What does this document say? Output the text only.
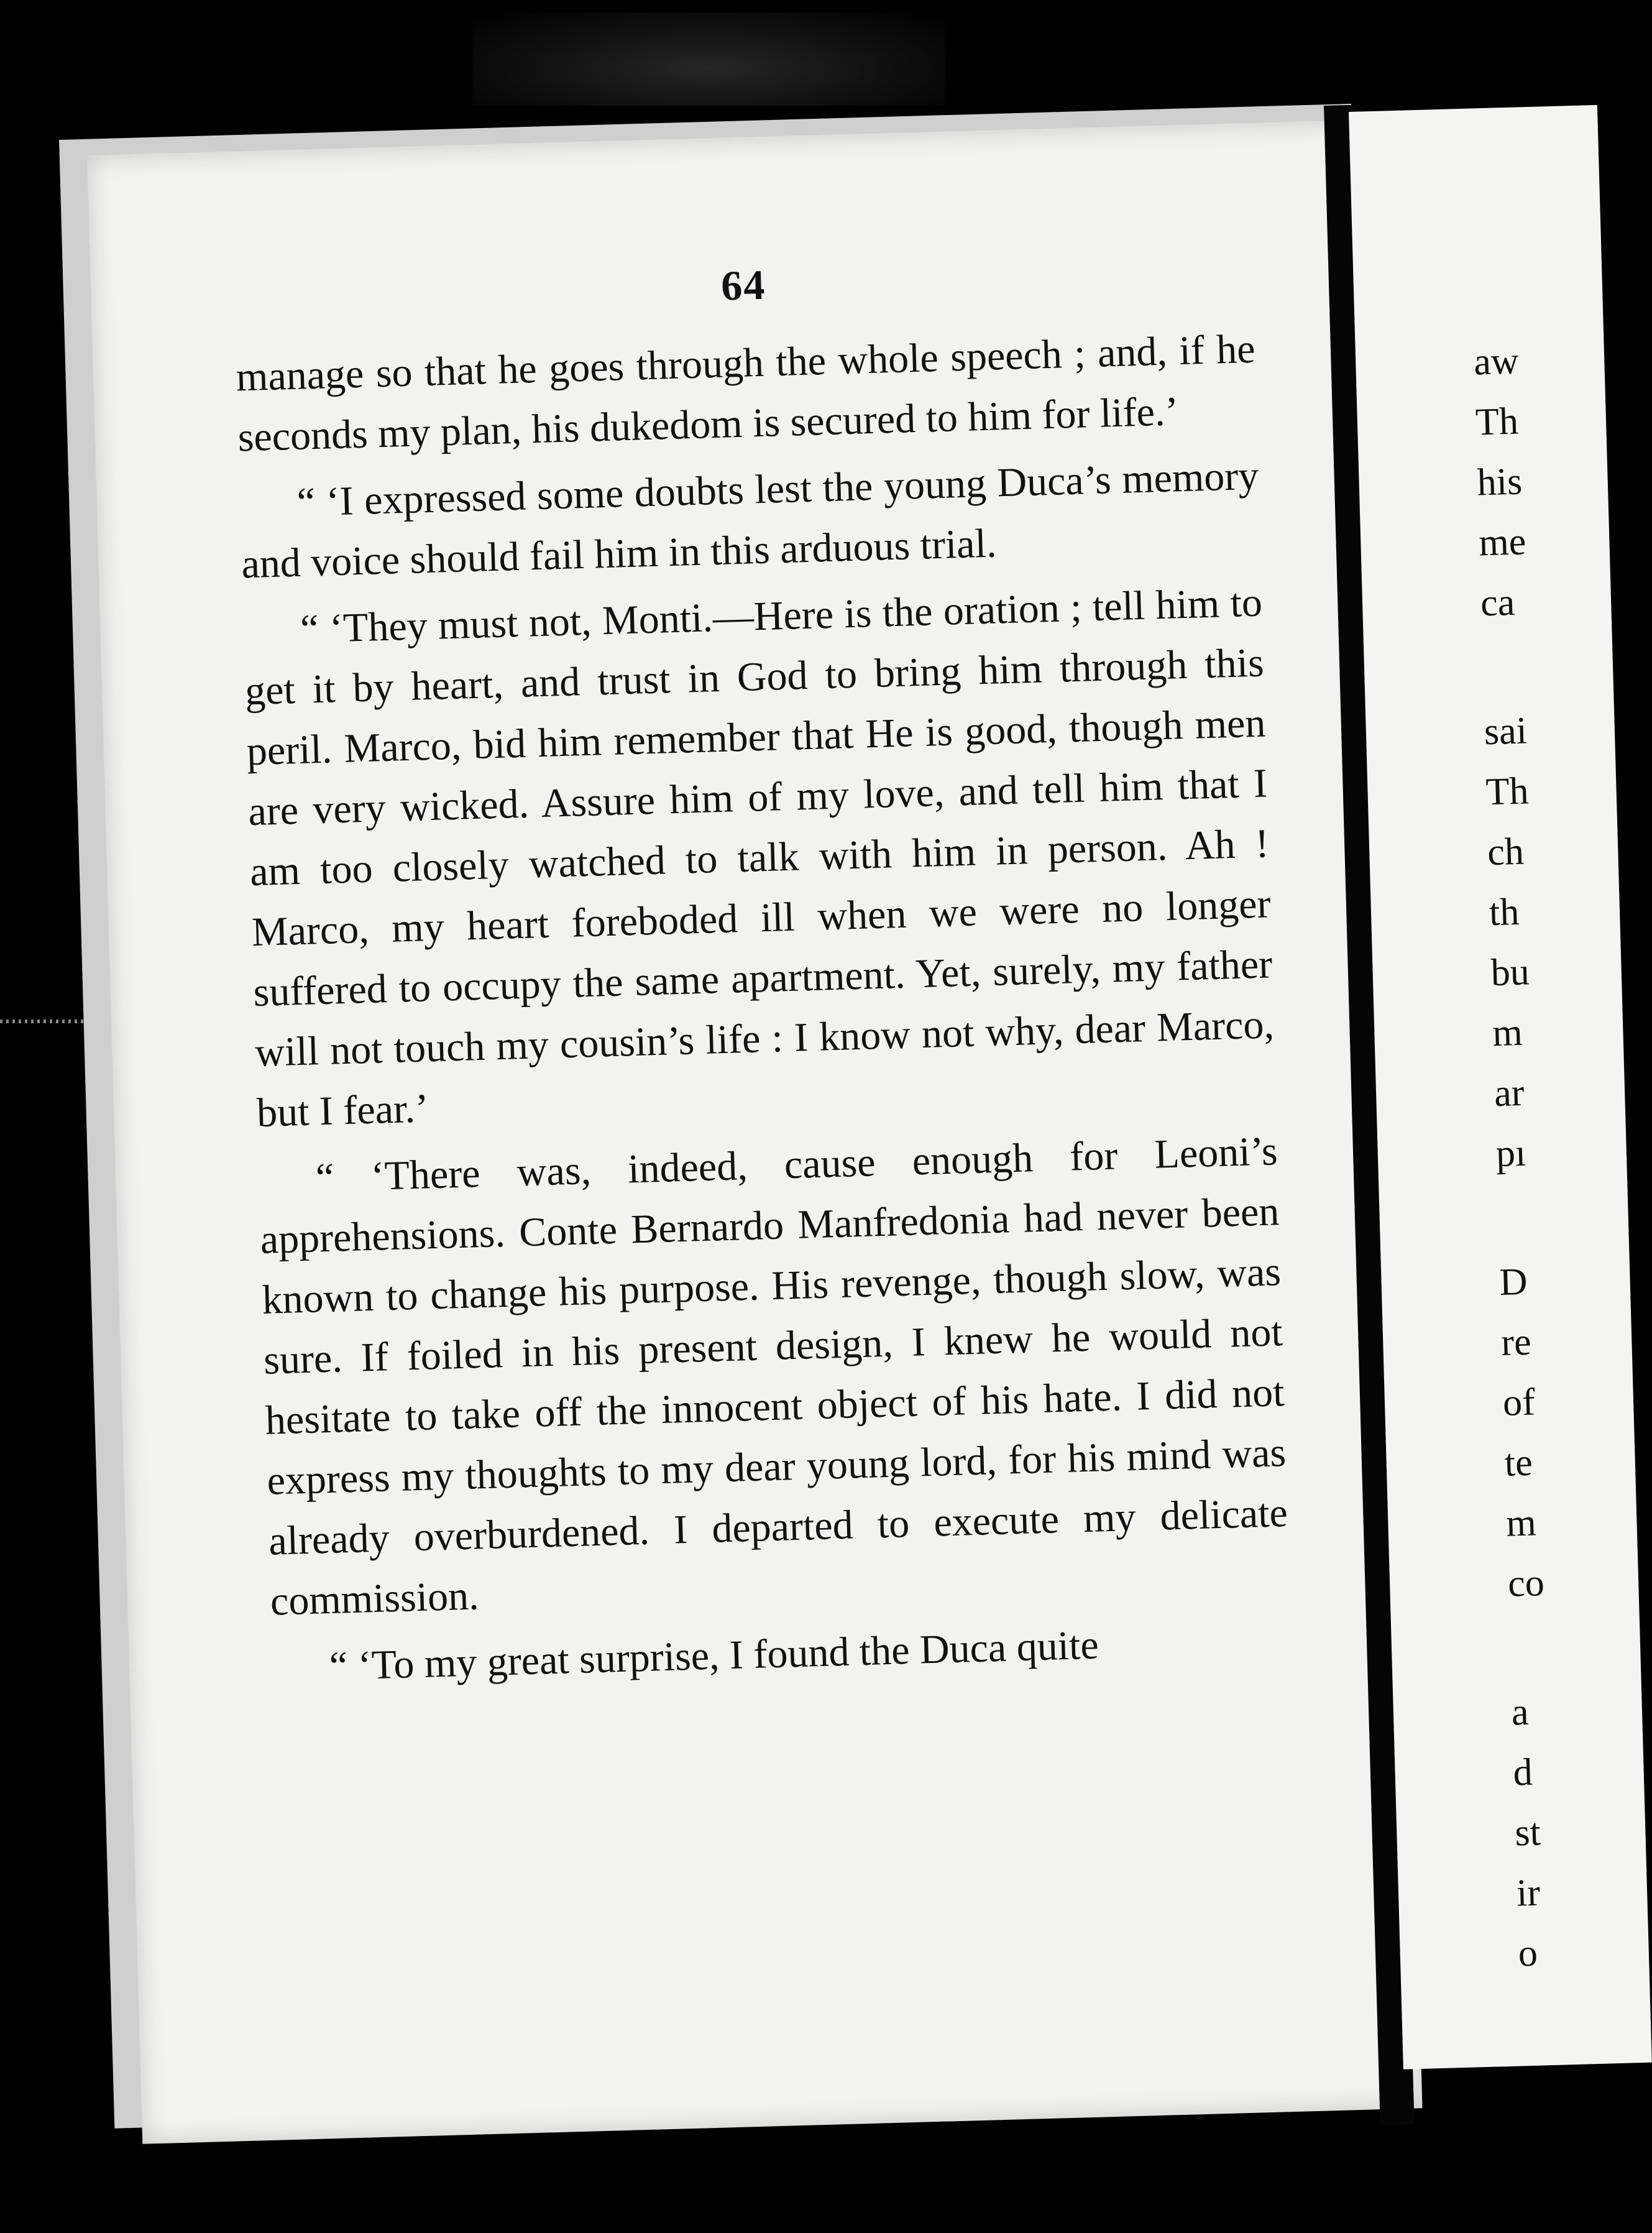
64

manage so that he goes through the whole speech ; and, if he seconds my plan, his dukedom is secured to him for life.’

“ ‘I expressed some doubts lest the young Duca’s memory and voice should fail him in this arduous trial.

“ ‘They must not, Monti.—Here is the oration ; tell him to get it by heart, and trust in God to bring him through this peril. Marco, bid him remember that He is good, though men are very wicked. Assure him of my love, and tell him that I am too closely watched to talk with him in person. Ah ! Marco, my heart foreboded ill when we were no longer suffered to occupy the same apartment. Yet, surely, my father will not touch my cousin’s life : I know not why, dear Marco, but I fear.’

“ ‘There was, indeed, cause enough for Leoni’s apprehensions. Conte Bernardo Manfredonia had never been known to change his purpose. His revenge, though slow, was sure. If foiled in his present design, I knew he would not hesitate to take off the innocent object of his hate. I did not express my thoughts to my dear young lord, for his mind was already overburdened. I departed to execute my delicate commission.

“ ‘To my great surprise, I found the Duca quite

aw
Th
his
me
ca
sai
Th
ch
th
bu
m
ar
pı
D
re
of
te
m
co
a
d
st
ir
o
